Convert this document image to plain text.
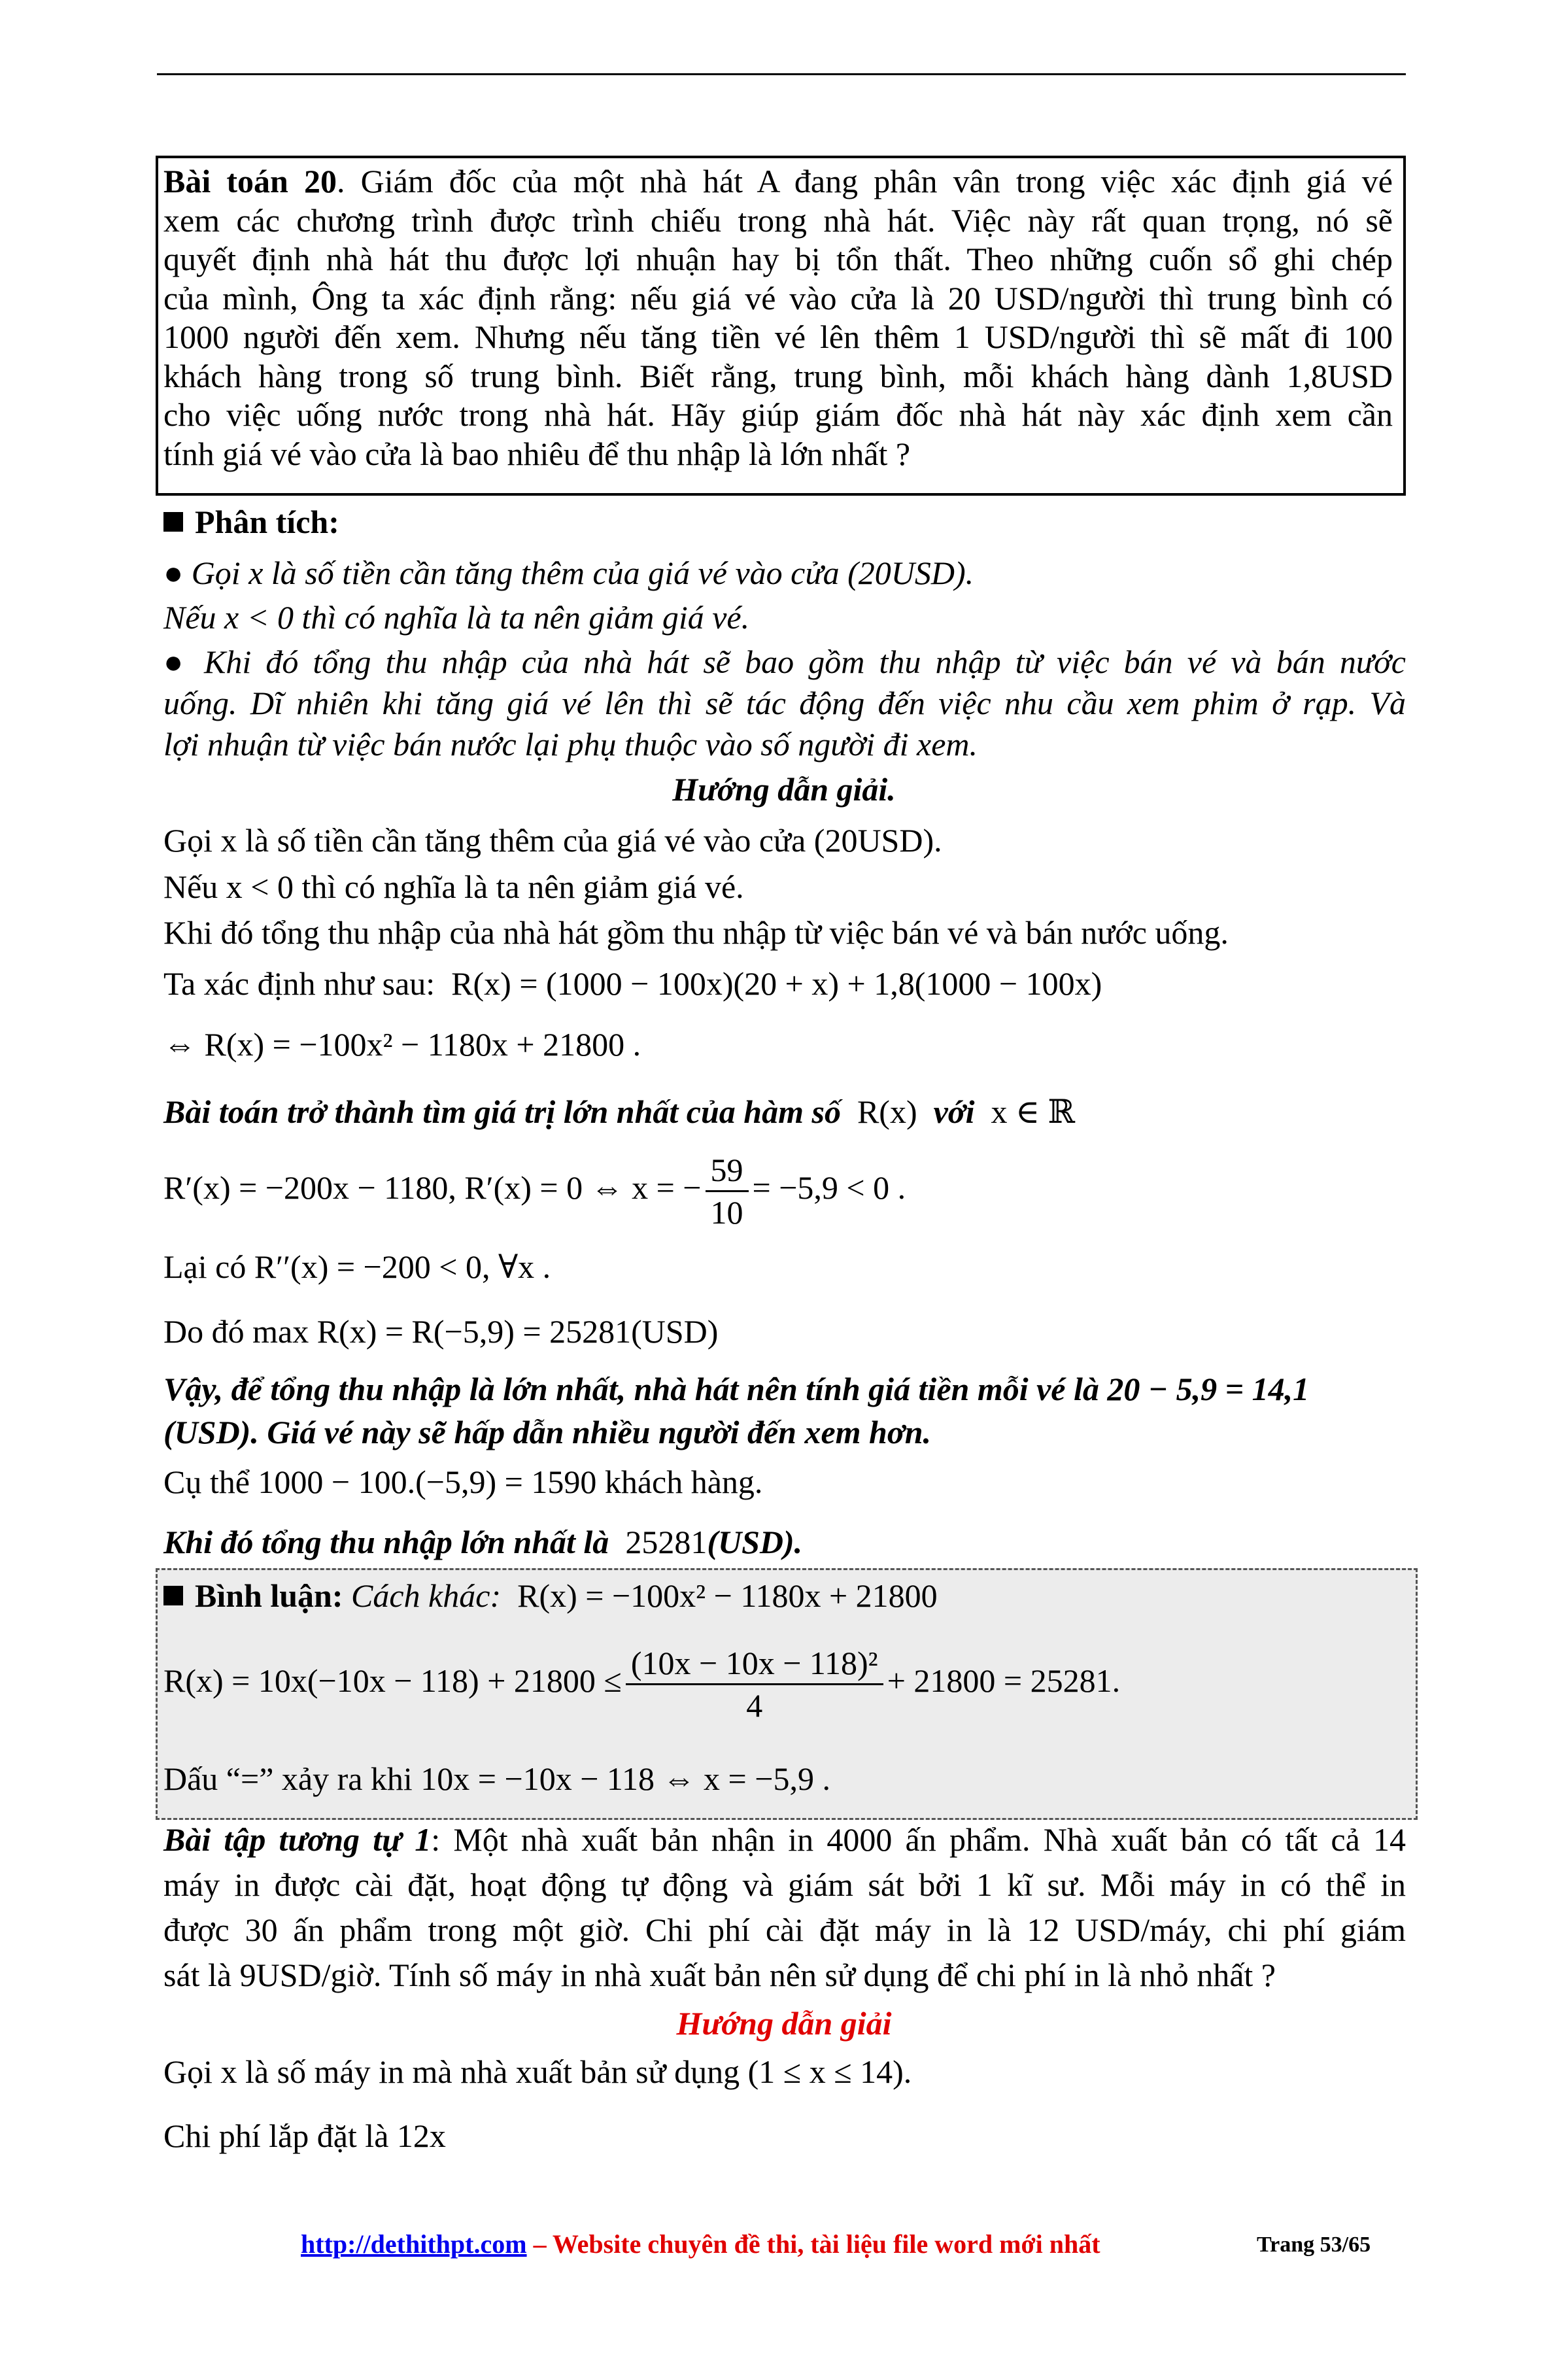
Bài toán 20. Giám đốc của một nhà hát A đang phân vân trong việc xác định giá vé
xem các chương trình được trình chiếu trong nhà hát. Việc này rất quan trọng, nó sẽ
quyết định nhà hát thu được lợi nhuận hay bị tổn thất. Theo những cuốn sổ ghi chép
của mình, Ông ta xác định rằng: nếu giá vé vào cửa là 20 USD/người thì trung bình có
1000 người đến xem. Nhưng nếu tăng tiền vé lên thêm 1 USD/người thì sẽ mất đi 100
khách hàng trong số trung bình. Biết rằng, trung bình, mỗi khách hàng dành 1,8USD
cho việc uống nước trong nhà hát. Hãy giúp giám đốc nhà hát này xác định xem cần
tính giá vé vào cửa là bao nhiêu để thu nhập là lớn nhất ?
Phân tích:
● Gọi x là số tiền cần tăng thêm của giá vé vào cửa (20USD).
Nếu x < 0 thì có nghĩa là ta nên giảm giá vé.
● Khi đó tổng thu nhập của nhà hát sẽ bao gồm thu nhập từ việc bán vé và bán nước
uống. Dĩ nhiên khi tăng giá vé lên thì sẽ tác động đến việc nhu cầu xem phim ở rạp. Và
lợi nhuận từ việc bán nước lại phụ thuộc vào số người đi xem.
Hướng dẫn giải.
Gọi x là số tiền cần tăng thêm của giá vé vào cửa (20USD).
Nếu x < 0 thì có nghĩa là ta nên giảm giá vé.
Khi đó tổng thu nhập của nhà hát gồm thu nhập từ việc bán vé và bán nước uống.
Ta xác định như sau: R(x) = (1000 − 100x)(20 + x) + 1,8(1000 − 100x)
⇔ R(x) = −100x² − 1180x + 21800 .
Bài toán trở thành tìm giá trị lớn nhất của hàm số R(x) với x ∈ ℝ
R′(x) = −200x − 1180, R′(x) = 0 ⇔ x = − $\frac{59}{10} = -5,9 < 0$ .
Lại có R′′(x) = −200 < 0, ∀x .
Do đó max R(x) = R(−5,9) = 25281(USD)
Vậy, để tổng thu nhập là lớn nhất, nhà hát nên tính giá tiền mỗi vé là 20 − 5,9 = 14,1
(USD). Giá vé này sẽ hấp dẫn nhiều người đến xem hơn.
Cụ thể 1000 − 100.(−5,9) = 1590 khách hàng.
Khi đó tổng thu nhập lớn nhất là 25281(USD).
Bình luận: Cách khác: R(x) = −100x² − 1180x + 21800
$R(x) = 10x(-10x - 118) + 21800 \le \frac{\text{(10x − 10x − 118)²}}{4} + 21800 = 25281$.
Dấu “=” xảy ra khi 10x = −10x − 118 ⇔ x = −5,9 .
Bài tập tương tự 1: Một nhà xuất bản nhận in 4000 ấn phẩm. Nhà xuất bản có tất cả 14
máy in được cài đặt, hoạt động tự động và giám sát bởi 1 kĩ sư. Mỗi máy in có thể in
được 30 ấn phẩm trong một giờ. Chi phí cài đặt máy in là 12 USD/máy, chi phí giám
sát là 9USD/giờ. Tính số máy in nhà xuất bản nên sử dụng để chi phí in là nhỏ nhất ?
Hướng dẫn giải
Gọi x là số máy in mà nhà xuất bản sử dụng (1 ≤ x ≤ 14).
Chi phí lắp đặt là 12x
http://dethithpt.com – Website chuyên đề thi, tài liệu file word mới nhất	Trang 53/65
